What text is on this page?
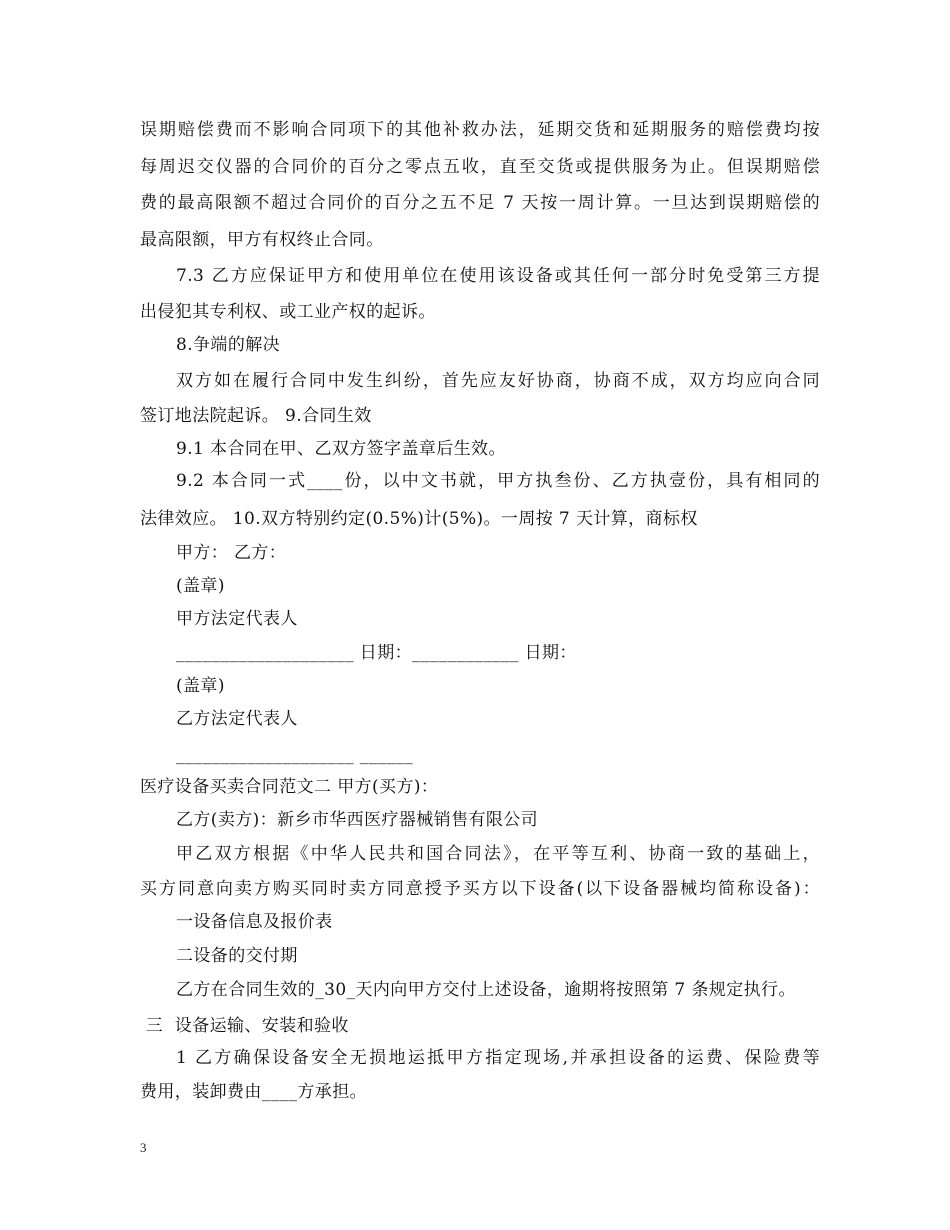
误期赔偿费而不影响合同项下的其他补救办法，延期交货和延期服务的赔偿费均按
每周迟交仪器的合同价的百分之零点五收，直至交货或提供服务为止。但误期赔偿
费的最高限额不超过合同价的百分之五不足 7 天按一周计算。一旦达到误期赔偿的
最高限额，甲方有权终止合同。
7.3 乙方应保证甲方和使用单位在使用该设备或其任何一部分时免受第三方提
出侵犯其专利权、或工业产权的起诉。
8.争端的解决
双方如在履行合同中发生纠纷，首先应友好协商，协商不成，双方均应向合同
签订地法院起诉。 9.合同生效
9.1 本合同在甲、乙双方签字盖章后生效。
9.2 本合同一式____份，以中文书就，甲方执叁份、乙方执壹份，具有相同的
法律效应。 10.双方特别约定(0.5%)计(5%)。一周按 7 天计算，商标权
甲方： 乙方：
(盖章)
甲方法定代表人
____________________ 日期：____________ 日期：
(盖章)
乙方法定代表人
____________________ ______
医疗设备买卖合同范文二 甲方(买方)：
乙方(卖方)：新乡市华西医疗器械销售有限公司
甲乙双方根据《中华人民共和国合同法》，在平等互利、协商一致的基础上，
买方同意向卖方购买同时卖方同意授予买方以下设备(以下设备器械均简称设备)：
一设备信息及报价表
二设备的交付期
乙方在合同生效的_30_天内向甲方交付上述设备，逾期将按照第 7 条规定执行。
三  设备运输、安装和验收
1 乙方确保设备安全无损地运抵甲方指定现场,并承担设备的运费、保险费等
费用，装卸费由____方承担。
3
